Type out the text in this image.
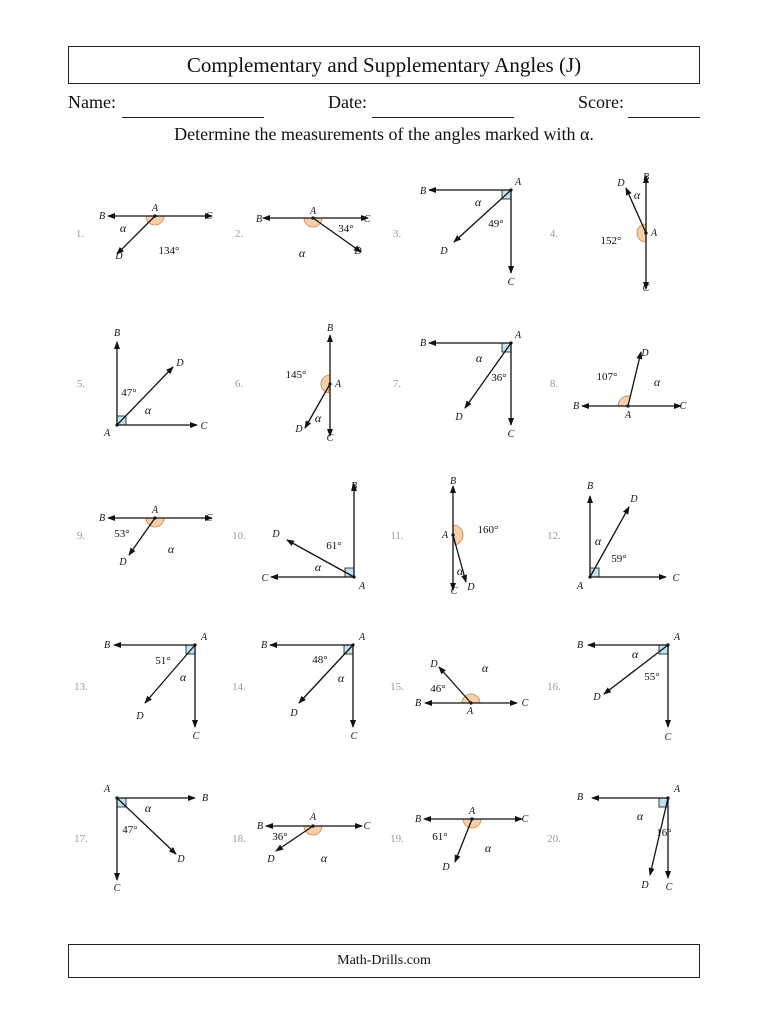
Complementary and Supplementary Angles (J)
Name:	Date:	Score:
Determine the measurements of the angles marked with α.
B	C
D
A
1.
134°
α
B	C
D
A
2.	34°
α
B
C
D
A
3.
49°
α
B
C
D
A
4.
152°
α
B
C
D
A
5.
47°
α
B
C
D
A
6.
145°
α
B
C
D
A
7.	36°
α
B	C
D
A
8.
107°	α
B	C
D
A
9.	53°
α
B
C
D
A
10.
61°
α
B
C D
A
11.	160°
α
B
C
D
A
12.
59°
α
B
C
D
A
13.
51°
α
B
C
D
A
14.
48°
α
B	C
D
A
15. 46°
α
B
C
D
A
16.
55°
α
B
C
D
A
17.
47°
α
B	C
D
A
18. 36°
α
B	C
D
A
19.	61°
α
B
C
D
A
20.	16°
α
Math-Drills.com
